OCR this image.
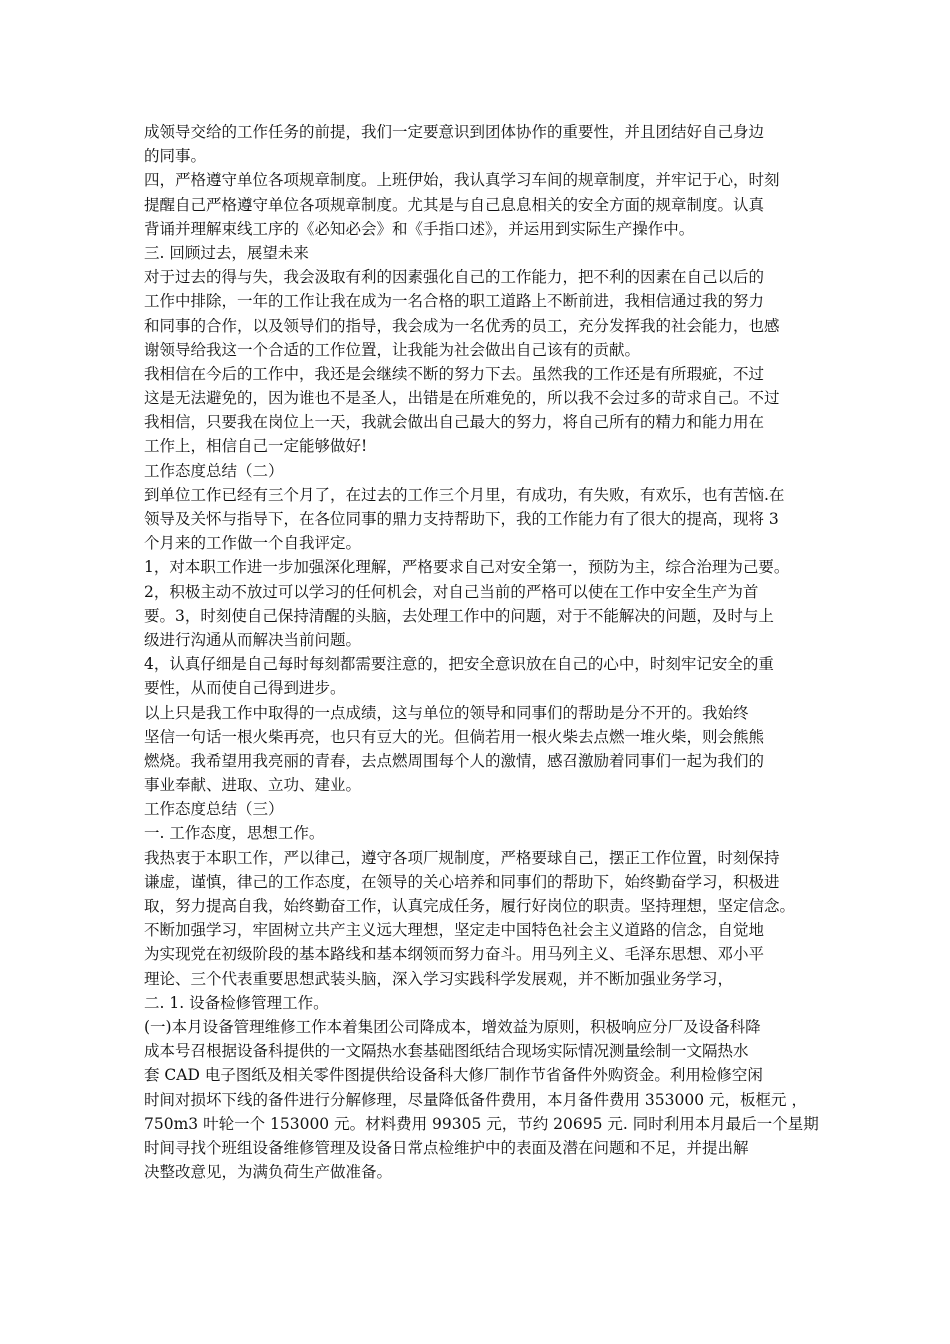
成领导交给的工作任务的前提，我们一定要意识到团体协作的重要性，并且团结好自己身边
的同事。
四，严格遵守单位各项规章制度。上班伊始，我认真学习车间的规章制度，并牢记于心，时刻
提醒自己严格遵守单位各项规章制度。尤其是与自己息息相关的安全方面的规章制度。认真
背诵并理解束线工序的《必知必会》和《手指口述》，并运用到实际生产操作中。
三. 回顾过去，展望未来
对于过去的得与失，我会汲取有利的因素强化自己的工作能力，把不利的因素在自己以后的
工作中排除，一年的工作让我在成为一名合格的职工道路上不断前进，我相信通过我的努力
和同事的合作，以及领导们的指导，我会成为一名优秀的员工，充分发挥我的社会能力，也感
谢领导给我这一个合适的工作位置，让我能为社会做出自己该有的贡献。
我相信在今后的工作中，我还是会继续不断的努力下去。虽然我的工作还是有所瑕疵，不过
这是无法避免的，因为谁也不是圣人，出错是在所难免的，所以我不会过多的苛求自己。不过
我相信，只要我在岗位上一天，我就会做出自己最大的努力，将自己所有的精力和能力用在
工作上，相信自己一定能够做好!
工作态度总结（二）
到单位工作已经有三个月了，在过去的工作三个月里，有成功，有失败，有欢乐，也有苦恼.在
领导及关怀与指导下，在各位同事的鼎力支持帮助下，我的工作能力有了很大的提高，现将 3
个月来的工作做一个自我评定。
1，对本职工作进一步加强深化理解，严格要求自己对安全第一，预防为主，综合治理为己要。
2，积极主动不放过可以学习的任何机会，对自己当前的严格可以使在工作中安全生产为首
要。3，时刻使自己保持清醒的头脑，去处理工作中的问题，对于不能解决的问题，及时与上
级进行沟通从而解决当前问题。
4，认真仔细是自己每时每刻都需要注意的，把安全意识放在自己的心中，时刻牢记安全的重
要性，从而使自己得到进步。
以上只是我工作中取得的一点成绩，这与单位的领导和同事们的帮助是分不开的。我始终
坚信一句话一根火柴再亮，也只有豆大的光。但倘若用一根火柴去点燃一堆火柴，则会熊熊
燃烧。我希望用我亮丽的青春，去点燃周围每个人的激情，感召激励着同事们一起为我们的
事业奉献、进取、立功、建业。
工作态度总结（三）
一. 工作态度，思想工作。
我热衷于本职工作，严以律己，遵守各项厂规制度，严格要球自己，摆正工作位置，时刻保持
谦虚，谨慎，律己的工作态度，在领导的关心培养和同事们的帮助下，始终勤奋学习，积极进
取，努力提高自我，始终勤奋工作，认真完成任务，履行好岗位的职责。坚持理想，坚定信念。
不断加强学习，牢固树立共产主义远大理想，坚定走中国特色社会主义道路的信念，自觉地
为实现党在初级阶段的基本路线和基本纲领而努力奋斗。用马列主义、毛泽东思想、邓小平
理论、三个代表重要思想武装头脑，深入学习实践科学发展观，并不断加强业务学习，
二. 1. 设备检修管理工作。
(一)本月设备管理维修工作本着集团公司降成本，增效益为原则，积极响应分厂及设备科降
成本号召根据设备科提供的一文隔热水套基础图纸结合现场实际情况测量绘制一文隔热水
套 CAD 电子图纸及相关零件图提供给设备科大修厂制作节省备件外购资金。利用检修空闲
时间对损坏下线的备件进行分解修理，尽量降低备件费用，本月备件费用 353000 元，板框元 ，
750m3 叶轮一个 153000 元。材料费用 99305 元，节约 20695 元. 同时利用本月最后一个星期
时间寻找个班组设备维修管理及设备日常点检维护中的表面及潜在问题和不足，并提出解
决整改意见，为满负荷生产做准备。
